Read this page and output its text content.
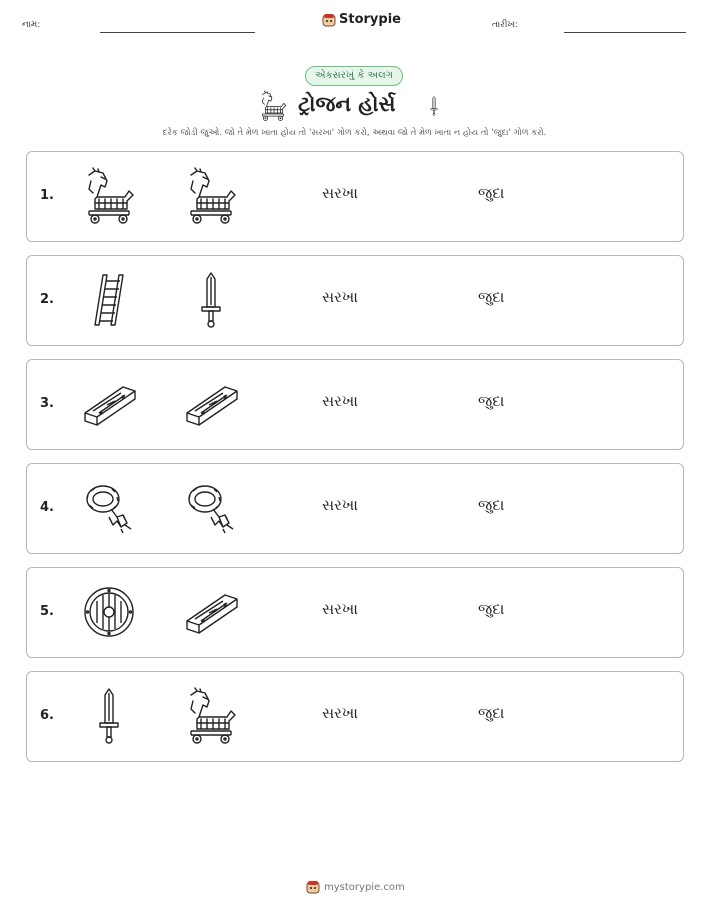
નામ:	Storypie	તારીખ:
એકસરખું કે અલગ
ટ્રોજન હોર્સ
દરેક જોડી જુઓ. જો તે મેળ ખાતા હોય તો 'સરખા' ગોળ કરો, અથવા જો તે મેળ ખાતા ન હોય તો 'જુદા' ગોળ કરો.
1.	સરખા	જુદા
2.	સરખા	જુદા
3.	સરખા	જુદા
4.	સરખા	જુદા
5.	સરખા	જુદા
6.	સરખા	જુદા
mystorypie.com
